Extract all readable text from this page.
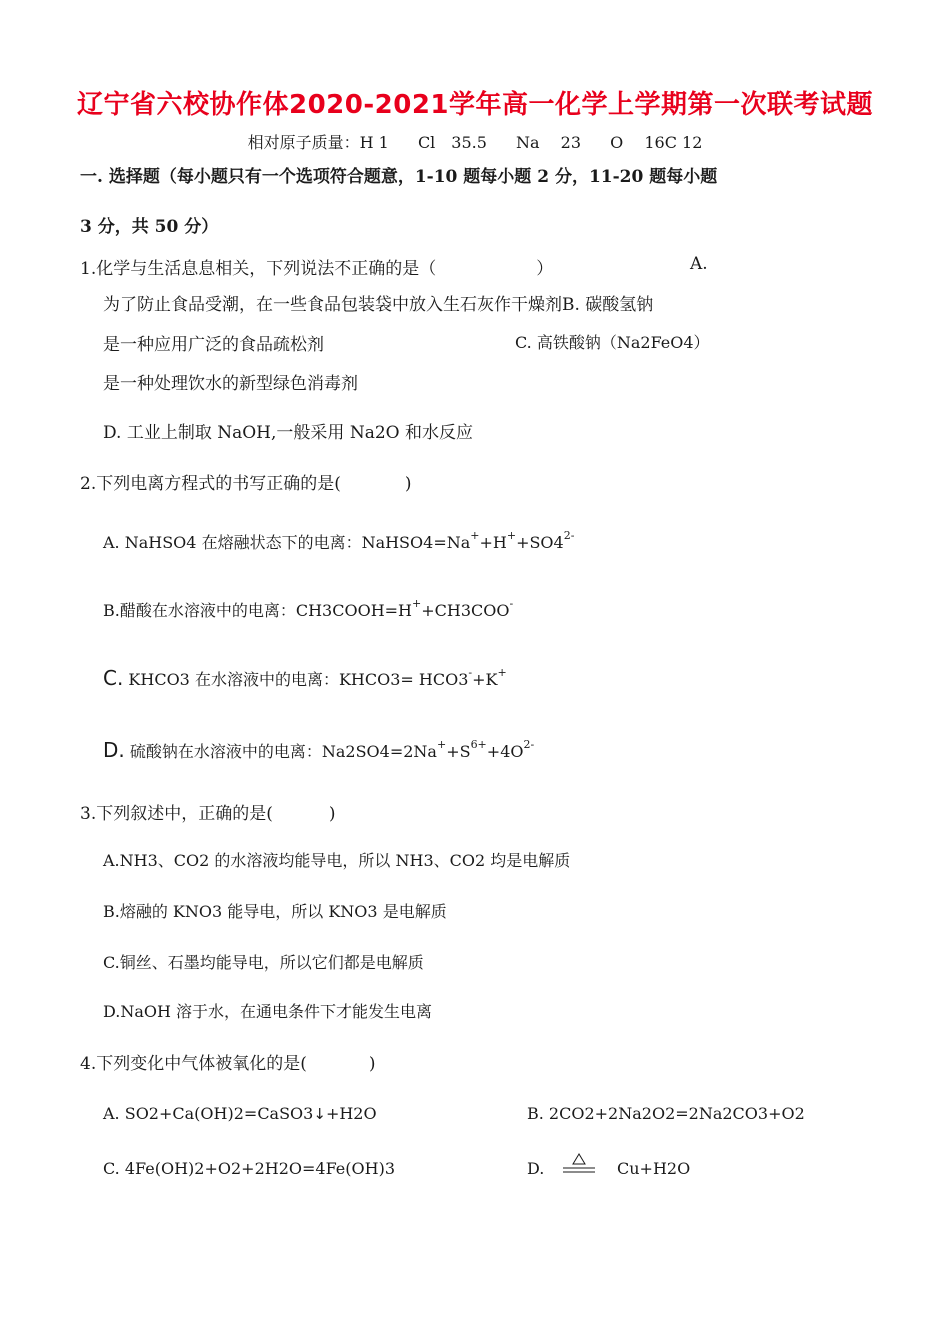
辽宁省六校协作体2020-2021学年高一化学上学期第一次联考试题
相对原子质量：H 1 Cl　35.5 Na　 23 O　 16C 12
一. 选择题（每小题只有一个选项符合题意，1-10 题每小题 2 分，11-20 题每小题
3 分，共 50 分）
1.化学与生活息息相关，下列说法不正确的是（	）	A.
为了防止食品受潮，在一些食品包装袋中放入生石灰作干燥剂B. 碳酸氢钠
是一种应用广泛的食品疏松剂	C. 高铁酸钠（Na2FeO4）
是一种处理饮水的新型绿色消毒剂
D. 工业上制取 NaOH,一般采用 Na2O 和水反应
2.下列电离方程式的书写正确的是(	)
A. NaHSO4 在熔融状态下的电离：$NaHSO4=Na^++H^++SO4^{2-}$
B.醋酸在水溶液中的电离：CH3COOH=H++CH3COO-
C. KHCO3 在水溶液中的电离：KHCO3= HCO3-+K+
D. 硫酸钠在水溶液中的电离：$Na2SO4=2Na^++S^{6+}+4O^{2-}$
3.下列叙述中，正确的是(	)
A.NH3、CO2 的水溶液均能导电，所以 NH3、CO2 均是电解质
B.熔融的 KNO3 能导电，所以 KNO3 是电解质
C.铜丝、石墨均能导电，所以它们都是电解质
D.NaOH 溶于水，在通电条件下才能发生电离
4.下列变化中气体被氧化的是(	)
A. SO2+Ca(OH)2=CaSO3↓+H2O	B. 2CO2+2Na2O2=2Na2CO3+O2
C. 4Fe(OH)2+O2+2H2O=4Fe(OH)3	D.	Cu+H2O
